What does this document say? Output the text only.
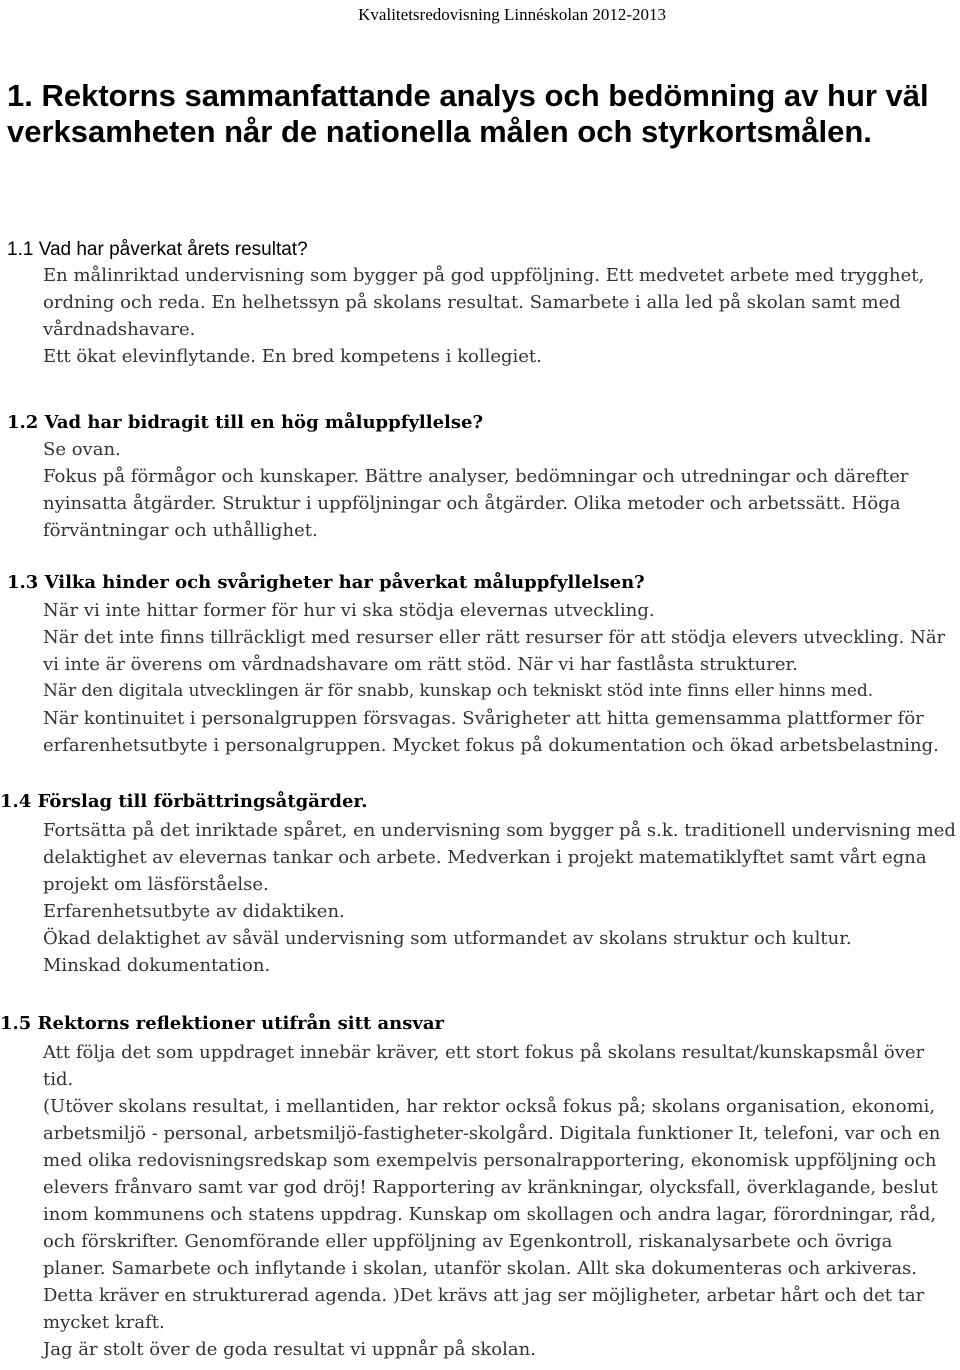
Kvalitetsredovisning Linnéskolan 2012-2013
1. Rektorns sammanfattande analys och bedömning av hur väl verksamheten når de nationella målen och styrkortsmålen.
1.1 Vad har påverkat årets resultat?
En målinriktad undervisning som bygger på god uppföljning. Ett medvetet arbete med trygghet, ordning och reda. En helhetssyn på skolans resultat. Samarbete i alla led på skolan samt med vårdnadshavare.
Ett ökat elevinflytande. En bred kompetens i kollegiet.
1.2 Vad har bidragit till en hög måluppfyllelse?
Se ovan.
Fokus på förmågor och kunskaper. Bättre analyser, bedömningar och utredningar och därefter nyinsatta åtgärder. Struktur i uppföljningar och åtgärder. Olika metoder och arbetssätt. Höga förväntningar och uthållighet.
1.3 Vilka hinder och svårigheter har påverkat måluppfyllelsen?
När vi inte hittar former för hur vi ska stödja elevernas utveckling.
När det inte finns tillräckligt med resurser eller rätt resurser för att stödja elevers utveckling. När vi inte är överens om vårdnadshavare om rätt stöd. När vi har fastlåsta strukturer.
När den digitala utvecklingen är för snabb, kunskap och tekniskt stöd inte finns eller hinns med.
När kontinuitet i personalgruppen försvagas. Svårigheter att hitta gemensamma plattformer för erfarenhetsutbyte i personalgruppen. Mycket fokus på dokumentation och ökad arbetsbelastning.
1.4 Förslag till förbättringsåtgärder.
Fortsätta på det inriktade spåret, en undervisning som bygger på s.k. traditionell undervisning med delaktighet av elevernas tankar och arbete. Medverkan i projekt matematiklyftet samt vårt egna projekt om läsförståelse.
Erfarenhetsutbyte av didaktiken.
Ökad delaktighet av såväl undervisning som utformandet av skolans struktur och kultur.
Minskad dokumentation.
1.5 Rektorns reflektioner utifrån sitt ansvar
Att följa det som uppdraget innebär kräver, ett stort fokus på skolans resultat/kunskapsmål över tid.
(Utöver skolans resultat, i mellantiden, har rektor också fokus på; skolans organisation, ekonomi, arbetsmiljö - personal, arbetsmiljö-fastigheter-skolgård. Digitala funktioner It, telefoni, var och en med olika redovisningsredskap som exempelvis personalrapportering, ekonomisk uppföljning och elevers frånvaro samt var god dröj! Rapportering av kränkningar, olycksfall, överklagande, beslut inom kommunens och statens uppdrag. Kunskap om skollagen och andra lagar, förordningar, råd, och förskrifter. Genomförande eller uppföljning av Egenkontroll, riskanalysarbete och övriga planer. Samarbete och inflytande i skolan, utanför skolan. Allt ska dokumenteras och arkiveras. Detta kräver en strukturerad agenda. )Det krävs att jag ser möjligheter, arbetar hårt och det tar mycket kraft.
Jag är stolt över de goda resultat vi uppnår på skolan.
